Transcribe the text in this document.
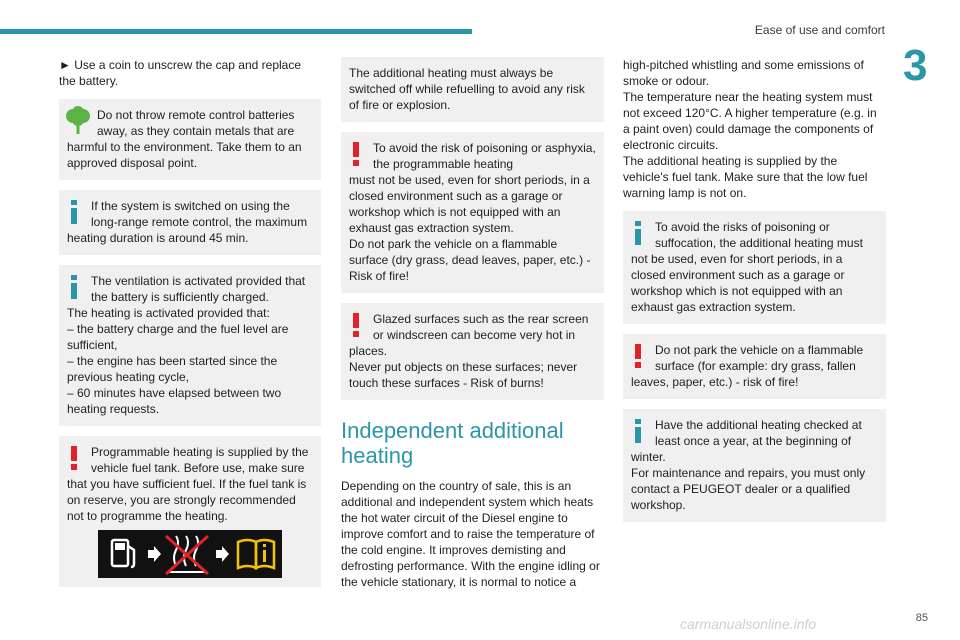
Ease of use and comfort
3

► Use a coin to unscrew the cap and replace the battery.

Do not throw remote control batteries away, as they contain metals that are

harmful to the environment. Take them to an approved disposal point.

If the system is switched on using the long-range remote control, the maximum

heating duration is around 45 min.

The ventilation is activated provided that the battery is sufficiently charged.

The heating is activated provided that:

– the battery charge and the fuel level are sufficient,

– the engine has been started since the previous heating cycle,

– 60 minutes have elapsed between two heating requests.

Programmable heating is supplied by the vehicle fuel tank. Before use, make sure

that you have sufficient fuel. If the fuel tank is on reserve, you are strongly recommended not to programme the heating.

The additional heating must always be switched off while refuelling to avoid any risk of fire or explosion.

To avoid the risk of poisoning or asphyxia, the programmable heating

must not be used, even for short periods, in a closed environment such as a garage or workshop which is not equipped with an exhaust gas extraction system.

Do not park the vehicle on a flammable surface (dry grass, dead leaves, paper, etc.) - Risk of fire!

Glazed surfaces such as the rear screen or windscreen can become very hot in

places.

Never put objects on these surfaces; never touch these surfaces - Risk of burns!

Independent additional heating

Depending on the country of sale, this is an additional and independent system which heats the hot water circuit of the Diesel engine to improve comfort and to raise the temperature of the cold engine. It improves demisting and defrosting performance. With the engine idling or the vehicle stationary, it is normal to notice a

high-pitched whistling and some emissions of smoke or odour.

The temperature near the heating system must not exceed 120°C. A higher temperature (e.g. in a paint oven) could damage the components of electronic circuits.

The additional heating is supplied by the vehicle's fuel tank. Make sure that the low fuel warning lamp is not on.

To avoid the risks of poisoning or suffocation, the additional heating must

not be used, even for short periods, in a closed environment such as a garage or workshop which is not equipped with an exhaust gas extraction system.

Do not park the vehicle on a flammable surface (for example: dry grass, fallen

leaves, paper, etc.) - risk of fire!

Have the additional heating checked at least once a year, at the beginning of

winter.

For maintenance and repairs, you must only contact a PEUGEOT dealer or a qualified workshop.

85
carmanualsonline.info
